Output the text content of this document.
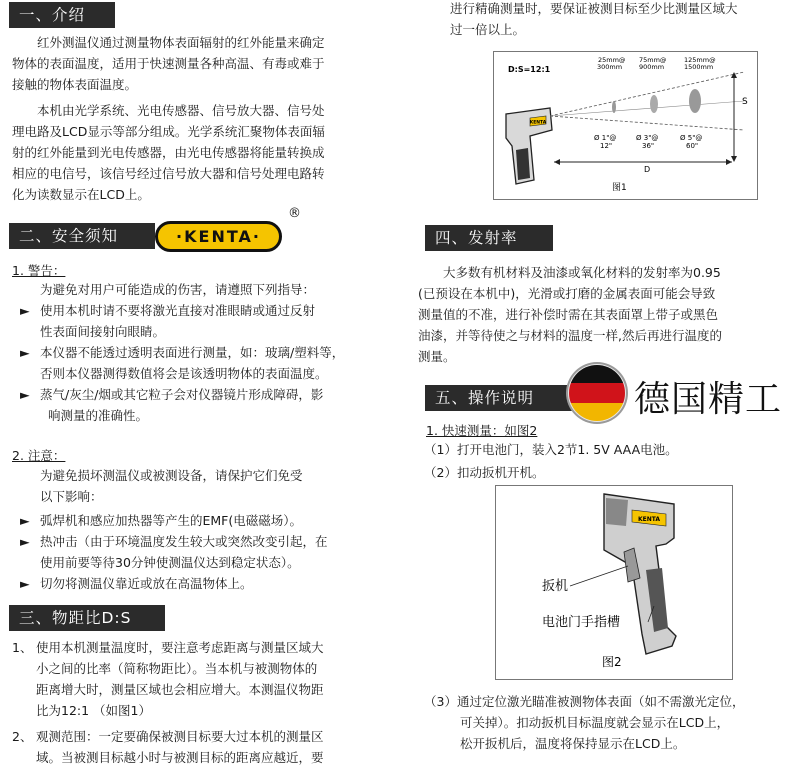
一、介绍
红外测温仪通过测量物体表面辐射的红外能量来确定
物体的表面温度，适用于快速测量各种高温、有毒或难于
接触的物体表面温度。
本机由光学系统、光电传感器、信号放大器、信号处
理电路及LCD显示等部分组成。光学系统汇聚物体表面辐
射的红外能量到光电传感器，由光电传感器将能量转换成
相应的电信号，该信号经过信号放大器和信号处理电路转
化为读数显示在LCD上。
二、安全须知	·KENTA·
®
1. 警告：
为避免对用户可能造成的伤害，请遵照下列指导：
► 使用本机时请不要将激光直接对准眼睛或通过反射
性表面间接射向眼睛。
► 本仪器不能透过透明表面进行测量，如：玻璃/塑料等，
否则本仪器测得数值将会是该透明物体的表面温度。
► 蒸气/灰尘/烟或其它粒子会对仪器镜片形成障碍，影
响测量的准确性。
2. 注意：
为避免损坏测温仪或被测设备，请保护它们免受
以下影响：
► 弧焊机和感应加热器等产生的EMF(电磁磁场）。
► 热冲击（由于环境温度发生较大或突然改变引起，在
使用前要等待30分钟使测温仪达到稳定状态）。
► 切勿将测温仪靠近或放在高温物体上。
三、物距比D:S
1、 使用本机测量温度时，要注意考虑距离与测量区域大
小之间的比率（简称物距比）。当本机与被测物体的
距离增大时，测量区域也会相应增大。本测温仪物距
比为12:1 （如图1）
2、 观测范围：一定要确保被测目标要大过本机的测量区
域。当被测目标越小时与被测目标的距离应越近，要
进行精确测量时，要保证被测目标至少比测量区域大
过一倍以上。
KENTA
S
D
D:S=12:1
25mm@
300mm
75mm@
900mm
125mm@
1500mm
Ø 1"@
12"
Ø 3"@
36"
Ø 5"@
60"
图1
四、发射率
大多数有机材料及油漆或氧化材料的发射率为0.95
(已预设在本机中)，光滑或打磨的金属表面可能会导致
测量值的不准，进行补偿时需在其表面罩上带子或黑色
油漆，并等待使之与材料的温度一样,然后再进行温度的
测量。
五、操作说明	德国精工
1. 快速测量：如图2
（1）打开电池门，装入2节1. 5V AAA电池。
（2）扣动扳机开机。
KENTA
扳机
电池门手指槽
图2
（3）通过定位激光瞄准被测物体表面（如不需激光定位，
可关掉）。扣动扳机目标温度就会显示在LCD上，
松开扳机后，温度将保持显示在LCD上。
